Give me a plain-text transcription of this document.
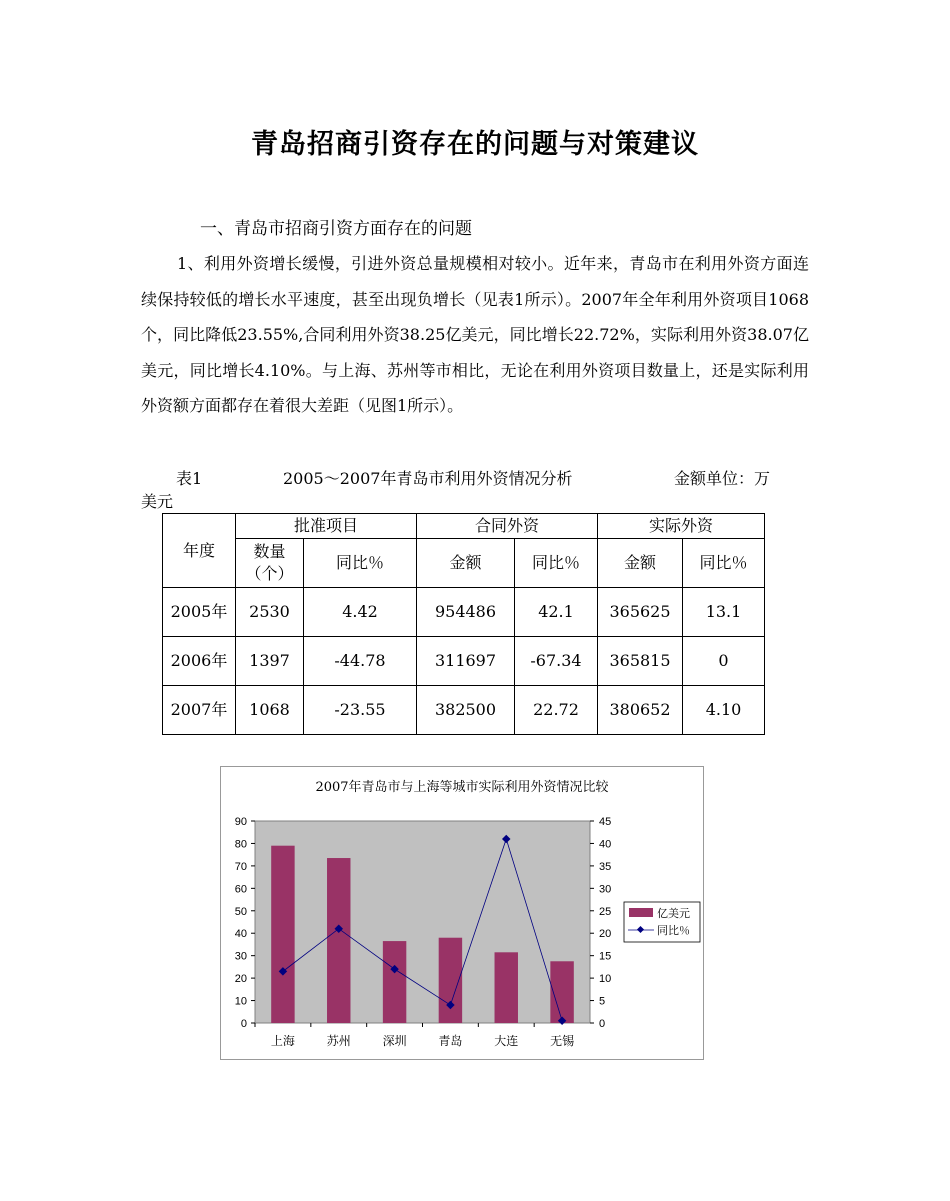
青岛招商引资存在的问题与对策建议
一、青岛市招商引资方面存在的问题
1、利用外资增长缓慢，引进外资总量规模相对较小。近年来，青岛市在利用外资方面连续保持较低的增长水平速度，甚至出现负增长（见表1所示）。2007年全年利用外资项目1068个，同比降低23.55%,合同利用外资38.25亿美元，同比增长22.72%，实际利用外资38.07亿美元，同比增长4.10%。与上海、苏州等市相比，无论在利用外资项目数量上，还是实际利用外资额方面都存在着很大差距（见图1所示）。
表1	2005～2007年青岛市利用外资情况分析	金额单位：万
美元
年度	批准项目		合同外资		实际外资	
	数量（个）	同比％	金额	同比％	金额	同比％
2005年	2530	4.42	954486	42.1	365625	13.1
2006年	1397	-44.78	311697	-67.34	365815	0
2007年	1068	-23.55	382500	22.72	380652	4.10
2007年青岛市与上海等城市实际利用外资情况比较
0
10
20
30
40
50
60
70
80
90
0
5
10
15
20
25
30
35
40
45
上海	苏州	深圳	青岛	大连	无锡
亿美元
同比％
